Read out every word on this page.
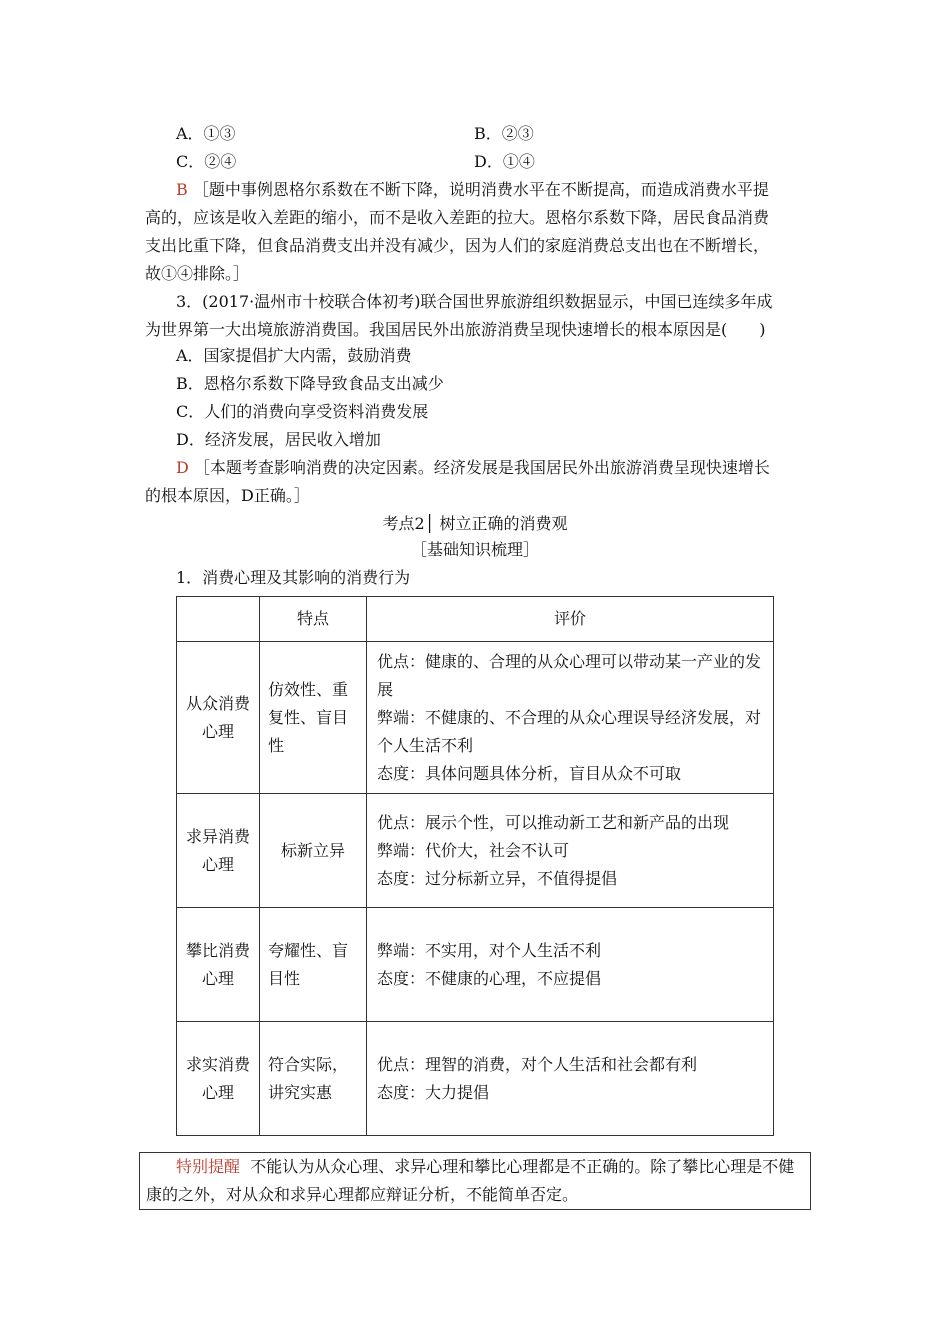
A．①③	B．②③
C．②④	D．①④
B ［题中事例恩格尔系数在不断下降，说明消费水平在不断提高，而造成消费水平提
高的，应该是收入差距的缩小，而不是收入差距的拉大。恩格尔系数下降，居民食品消费
支出比重下降，但食品消费支出并没有减少，因为人们的家庭消费总支出也在不断增长，
故①④排除。］
3．(2017·温州市十校联合体初考)联合国世界旅游组织数据显示，中国已连续多年成
为世界第一大出境旅游消费国。我国居民外出旅游消费呈现快速增长的根本原因是(　　)
A．国家提倡扩大内需，鼓励消费
B．恩格尔系数下降导致食品支出减少
C．人们的消费向享受资料消费发展
D．经济发展，居民收入增加
D ［本题考查影响消费的决定因素。经济发展是我国居民外出旅游消费呈现快速增长
的根本原因，D正确。］
考点2│ 树立正确的消费观
［基础知识梳理］
1．消费心理及其影响的消费行为
	特点	评价
从众消费心理	仿效性、重复性、盲目性	优点：健康的、合理的从众心理可以带动某一产业的发展
弊端：不健康的、不合理的从众心理误导经济发展，对个人生活不利
态度：具体问题具体分析，盲目从众不可取

求异消费心理	标新立异	优点：展示个性，可以推动新工艺和新产品的出现
弊端：代价大，社会不认可
态度：过分标新立异，不值得提倡

攀比消费心理	夸耀性、盲目性	弊端：不实用，对个人生活不利
态度：不健康的心理，不应提倡

求实消费心理	符合实际，讲究实惠	优点：理智的消费，对个人生活和社会都有利
态度：大力提倡
特别提醒 不能认为从众心理、求异心理和攀比心理都是不正确的。除了攀比心理是不健康的之外，对从众和求异心理都应辩证分析，不能简单否定。
